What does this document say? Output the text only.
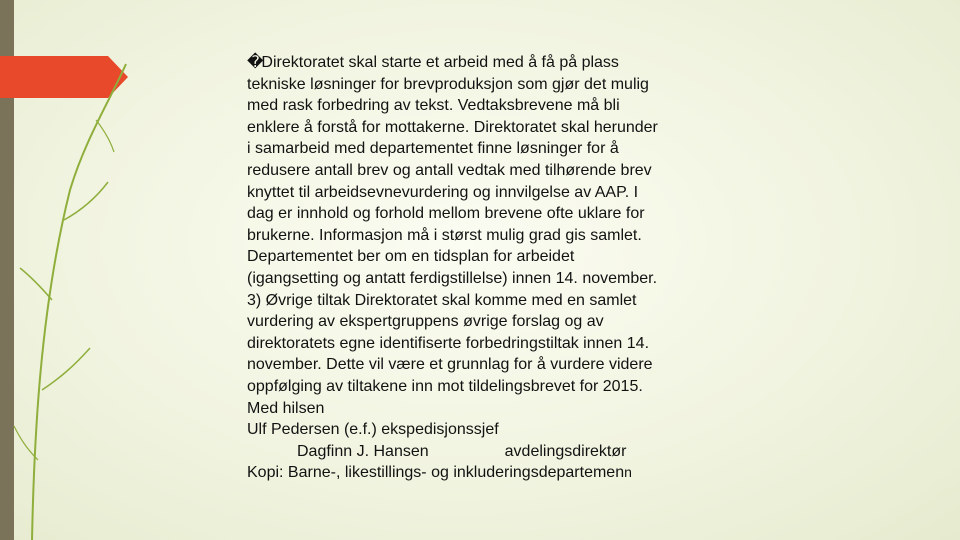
�Direktoratet skal starte et arbeid med å få på plass
tekniske løsninger for brevproduksjon som gjør det mulig
med rask forbedring av tekst. Vedtaksbrevene må bli
enklere å forstå for mottakerne. Direktoratet skal herunder
i samarbeid med departementet finne løsninger for å
redusere antall brev og antall vedtak med tilhørende brev
knyttet til arbeidsevnevurdering og innvilgelse av AAP. I
dag er innhold og forhold mellom brevene ofte uklare for
brukerne. Informasjon må i størst mulig grad gis samlet.
Departementet ber om en tidsplan for arbeidet
(igangsetting og antatt ferdigstillelse) innen 14. november.
3) Øvrige tiltak Direktoratet skal komme med en samlet
vurdering av ekspertgruppens øvrige forslag og av
direktoratets egne identifiserte forbedringstiltak innen 14.
november. Dette vil være et grunnlag for å vurdere videre
oppfølging av tiltakene inn mot tildelingsbrevet for 2015.
Med hilsen
Ulf Pedersen (e.f.) ekspedisjonssjef
Dagfinn J. Hansen	avdelingsdirektør
Kopi: Barne-, likestillings- og inkluderingsdepartemenn
